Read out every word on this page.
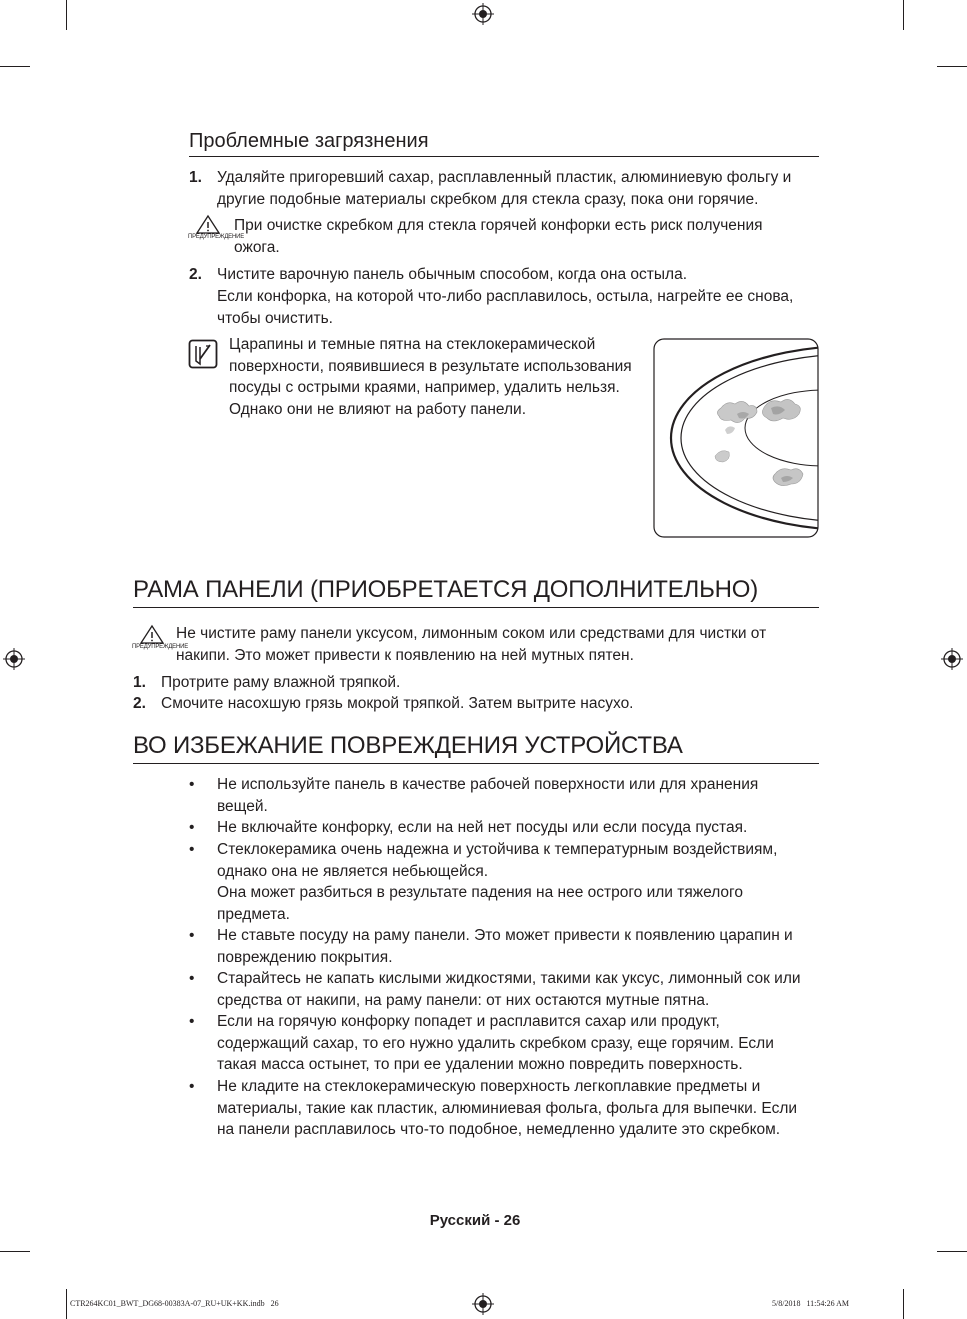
Проблемные загрязнения
1. Удаляйте пригоревший сахар, расплавленный пластик, алюминиевую фольгу и другие подобные материалы скребком для стекла сразу, пока они горячие.
ПРЕДУПРЕЖДЕНИЕ
При очистке скребком для стекла горячей конфорки есть риск получения ожога.
2. Чистите варочную панель обычным способом, когда она остыла.
Если конфорка, на которой что-либо расплавилось, остыла, нагрейте ее снова, чтобы очистить.
Царапины и темные пятна на стеклокерамической поверхности, появившиеся в результате использования посуды с острыми краями, например, удалить нельзя. Однако они не влияют на работу панели.
РАМА ПАНЕЛИ (ПРИОБРЕТАЕТСЯ ДОПОЛНИТЕЛЬНО)
ПРЕДУПРЕЖДЕНИЕ
Не чистите раму панели уксусом, лимонным соком или средствами для чистки от накипи. Это может привести к появлению на ней мутных пятен.
1. Протрите раму влажной тряпкой.
2. Смочите насохшую грязь мокрой тряпкой. Затем вытрите насухо.
ВО ИЗБЕЖАНИЕ ПОВРЕЖДЕНИЯ УСТРОЙСТВА
• Не используйте панель в качестве рабочей поверхности или для хранения вещей.
• Не включайте конфорку, если на ней нет посуды или если посуда пустая.
• Стеклокерамика очень надежна и устойчива к температурным воздействиям, однако она не является небьющейся.
Она может разбиться в результате падения на нее острого или тяжелого предмета.
• Не ставьте посуду на раму панели. Это может привести к появлению царапин и повреждению покрытия.
• Старайтесь не капать кислыми жидкостями, такими как уксус, лимонный сок или средства от накипи, на раму панели: от них остаются мутные пятна.
• Если на горячую конфорку попадет и расплавится сахар или продукт, содержащий сахар, то его нужно удалить скребком сразу, еще горячим. Если такая масса остынет, то при ее удалении можно повредить поверхность.
• Не кладите на стеклокерамическую поверхность легкоплавкие предметы и материалы, такие как пластик, алюминиевая фольга, фольга для выпечки. Если на панели расплавилось что-то подобное, немедленно удалите это скребком.
Русский - 26
CTR264KC01_BWT_DG68-00383A-07_RU+UK+KK.indb   26	5/8/2018   11:54:26 AM
